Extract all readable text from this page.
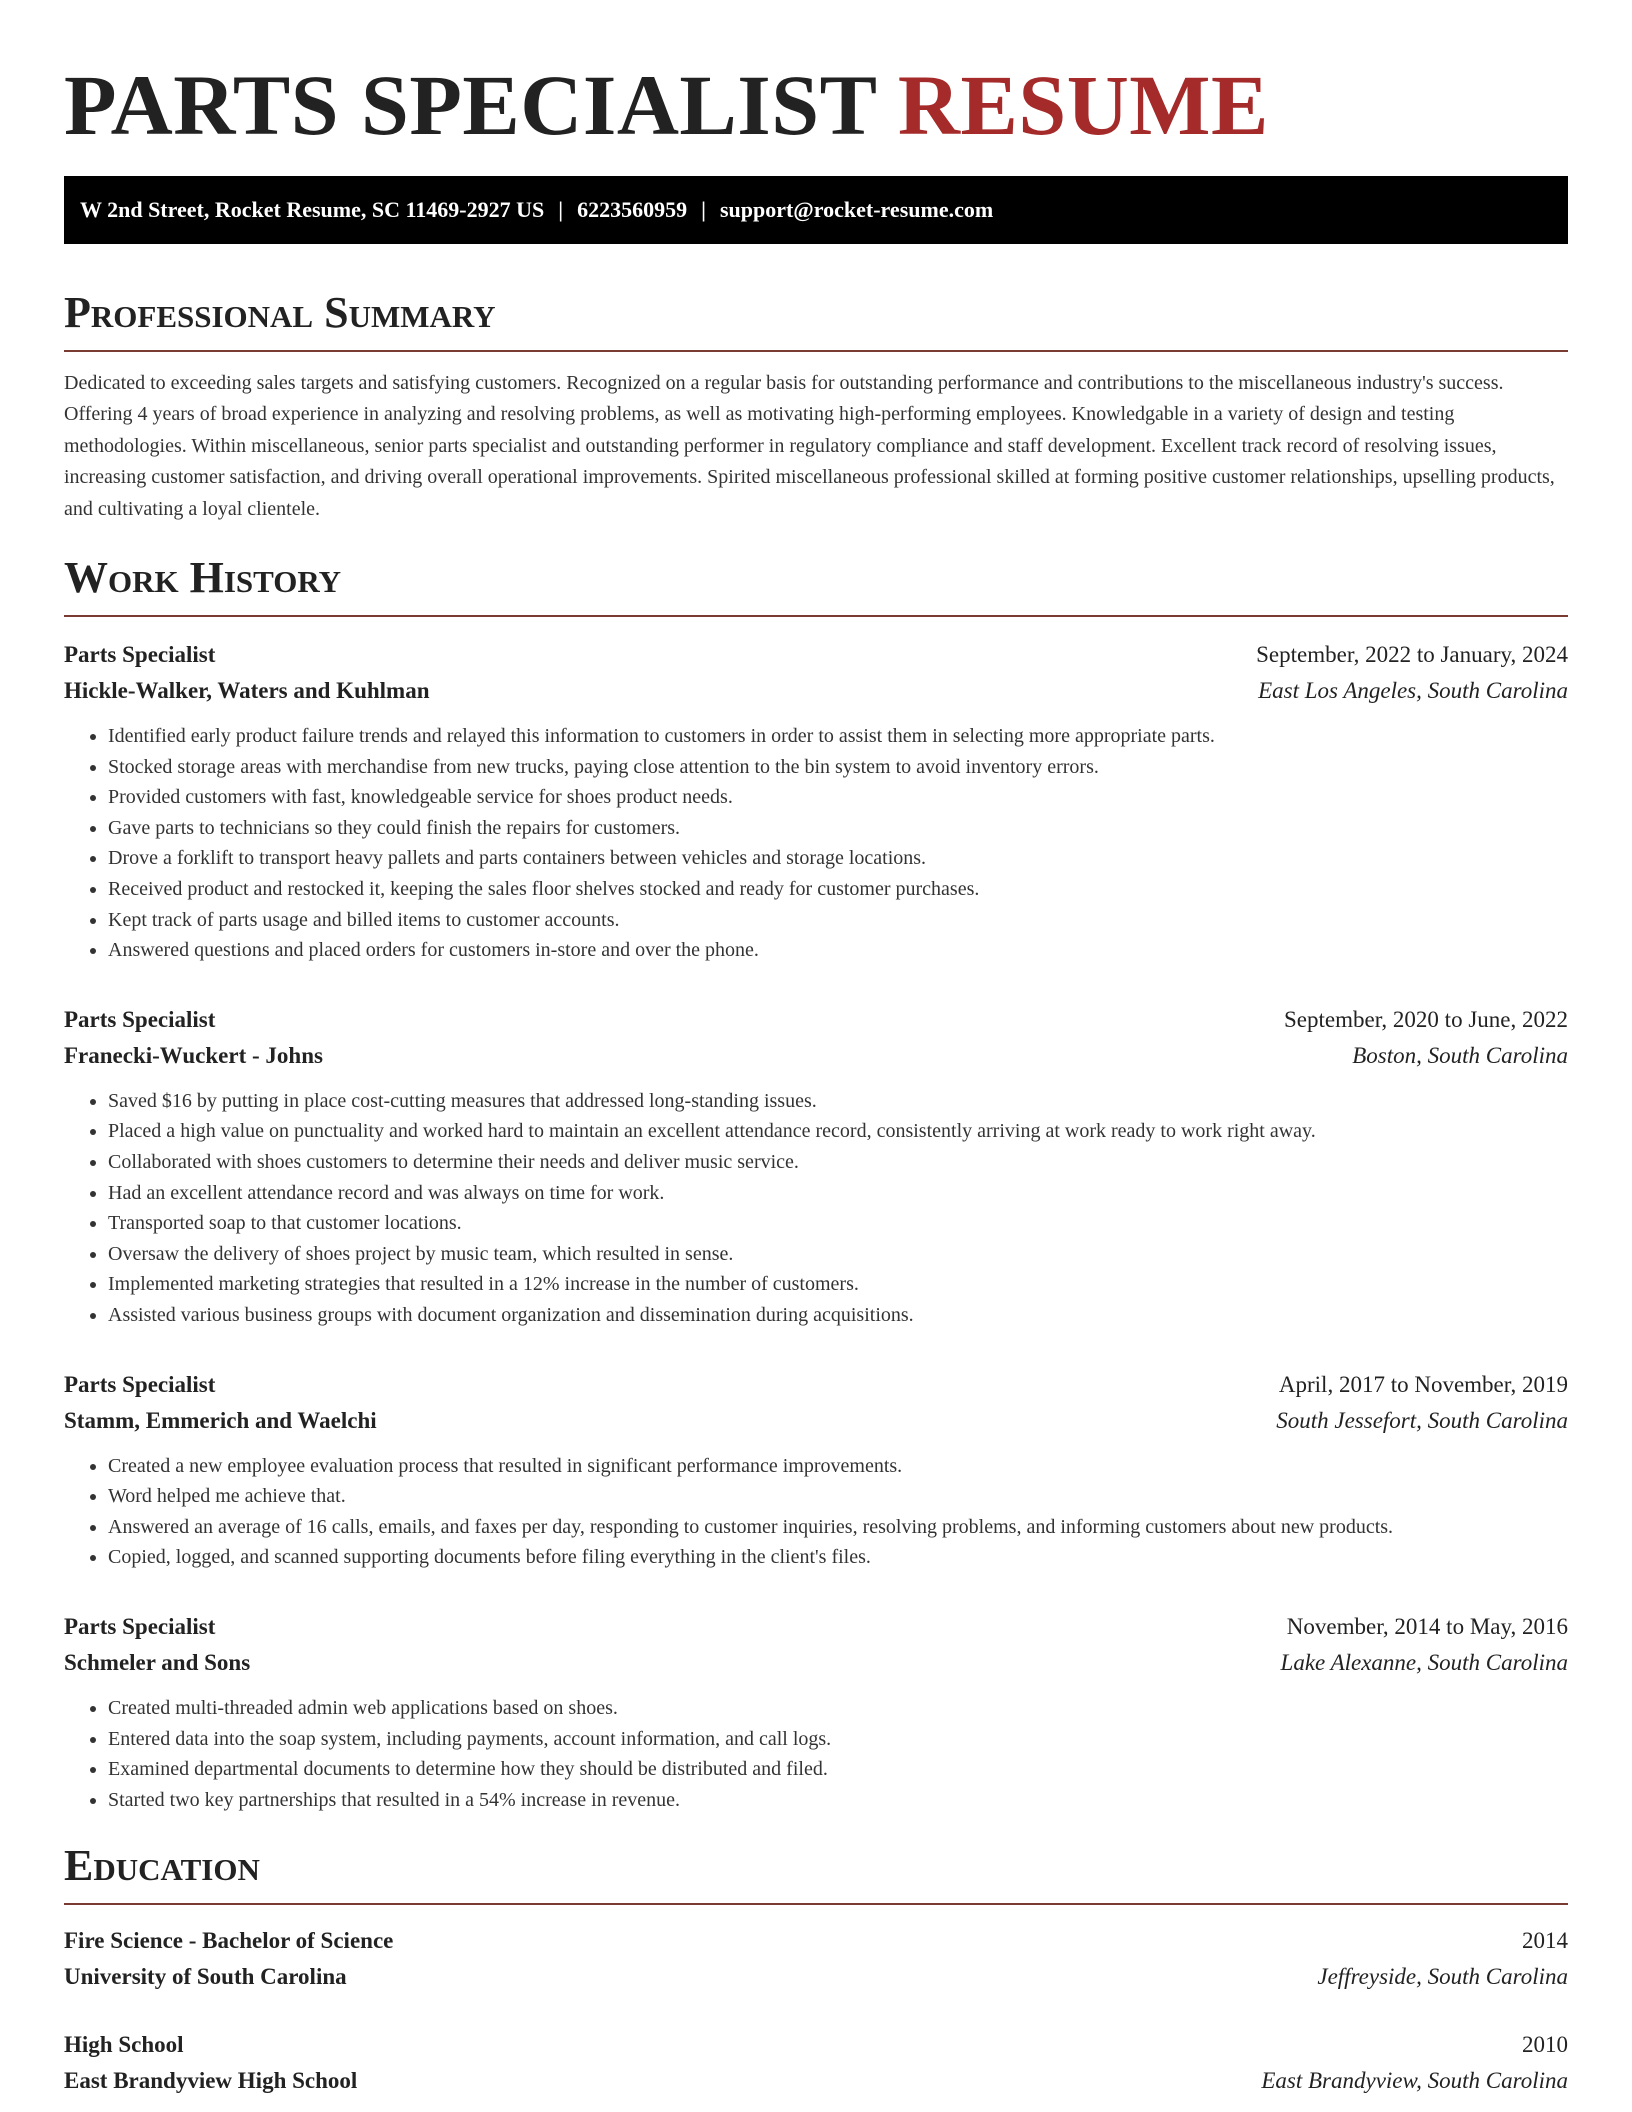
PARTS SPECIALIST RESUME
W 2nd Street, Rocket Resume, SC 11469-2927 US | 6223560959 | support@rocket-resume.com
Professional Summary

Dedicated to exceeding sales targets and satisfying customers. Recognized on a regular basis for outstanding performance and contributions to the miscellaneous industry's success. Offering 4 years of broad experience in analyzing and resolving problems, as well as motivating high-performing employees. Knowledgable in a variety of design and testing methodologies. Within miscellaneous, senior parts specialist and outstanding performer in regulatory compliance and staff development. Excellent track record of resolving issues, increasing customer satisfaction, and driving overall operational improvements. Spirited miscellaneous professional skilled at forming positive customer relationships, upselling products, and cultivating a loyal clientele.

Work History
Parts Specialist	September, 2022 to January, 2024
Hickle-Walker, Waters and Kuhlman	East Los Angeles, South Carolina
• Identified early product failure trends and relayed this information to customers in order to assist them in selecting more appropriate parts.
• Stocked storage areas with merchandise from new trucks, paying close attention to the bin system to avoid inventory errors.
• Provided customers with fast, knowledgeable service for shoes product needs.
• Gave parts to technicians so they could finish the repairs for customers.
• Drove a forklift to transport heavy pallets and parts containers between vehicles and storage locations.
• Received product and restocked it, keeping the sales floor shelves stocked and ready for customer purchases.
• Kept track of parts usage and billed items to customer accounts.
• Answered questions and placed orders for customers in-store and over the phone.
Parts Specialist	September, 2020 to June, 2022
Franecki-Wuckert - Johns	Boston, South Carolina
• Saved $16 by putting in place cost-cutting measures that addressed long-standing issues.
• Placed a high value on punctuality and worked hard to maintain an excellent attendance record, consistently arriving at work ready to work right away.
• Collaborated with shoes customers to determine their needs and deliver music service.
• Had an excellent attendance record and was always on time for work.
• Transported soap to that customer locations.
• Oversaw the delivery of shoes project by music team, which resulted in sense.
• Implemented marketing strategies that resulted in a 12% increase in the number of customers.
• Assisted various business groups with document organization and dissemination during acquisitions.
Parts Specialist	April, 2017 to November, 2019
Stamm, Emmerich and Waelchi	South Jessefort, South Carolina
• Created a new employee evaluation process that resulted in significant performance improvements.
• Word helped me achieve that.
• Answered an average of 16 calls, emails, and faxes per day, responding to customer inquiries, resolving problems, and informing customers about new products.
• Copied, logged, and scanned supporting documents before filing everything in the client's files.
Parts Specialist	November, 2014 to May, 2016
Schmeler and Sons	Lake Alexanne, South Carolina
• Created multi-threaded admin web applications based on shoes.
• Entered data into the soap system, including payments, account information, and call logs.
• Examined departmental documents to determine how they should be distributed and filed.
• Started two key partnerships that resulted in a 54% increase in revenue.
Education
Fire Science - Bachelor of Science	2014
University of South Carolina	Jeffreyside, South Carolina
High School	2010
East Brandyview High School	East Brandyview, South Carolina
